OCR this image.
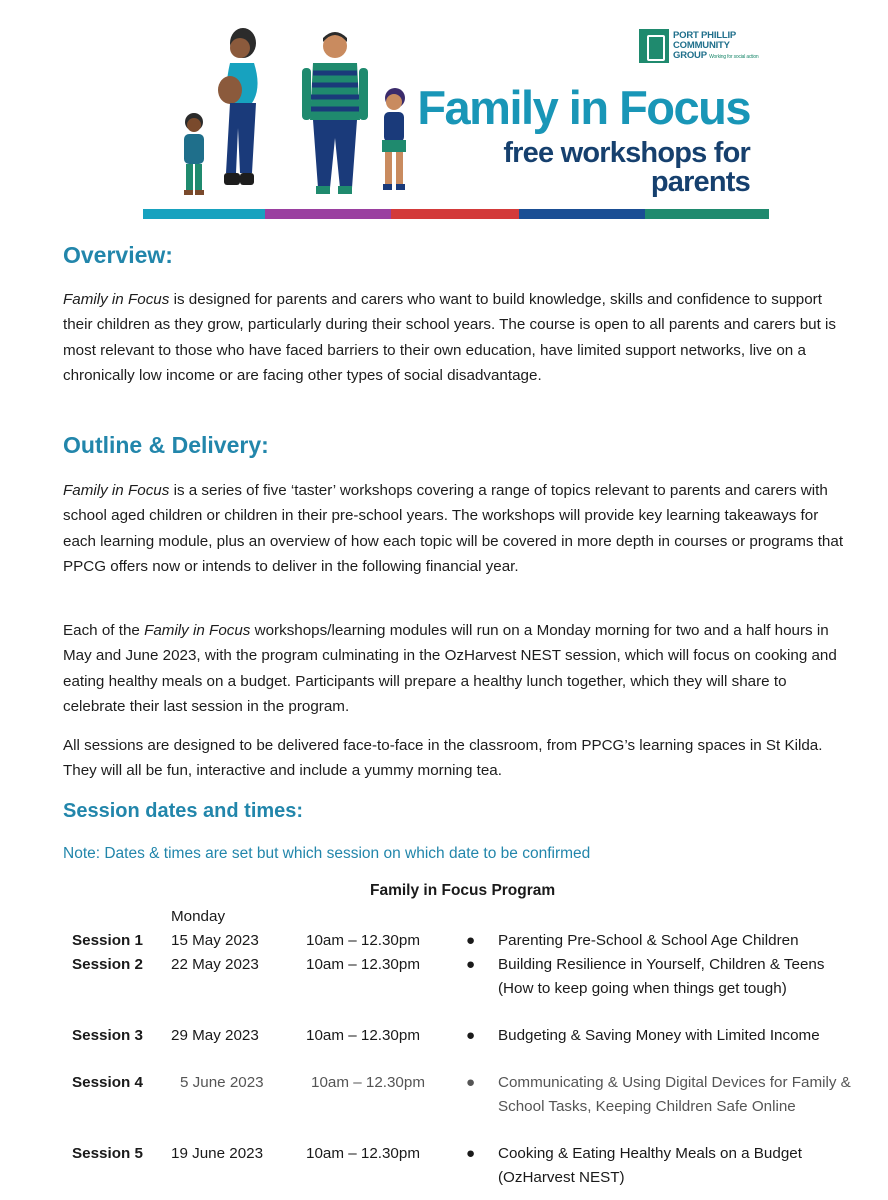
PORT PHILLIP
COMMUNITY
GROUP Working for social action
Family in Focus
free workshops for
parents
Overview:

Family in Focus is designed for parents and carers who want to build knowledge, skills and confidence to support their children as they grow, particularly during their school years. The course is open to all parents and carers but is most relevant to those who have faced barriers to their own education, have limited support networks, live on a chronically low income or are facing other types of social disadvantage.

Outline & Delivery:

Family in Focus is a series of five ‘taster’ workshops covering a range of topics relevant to parents and carers with school aged children or children in their pre-school years. The workshops will provide key learning takeaways for each learning module, plus an overview of how each topic will be covered in more depth in courses or programs that PPCG offers now or intends to deliver in the following financial year.

Each of the Family in Focus workshops/learning modules will run on a Monday morning for two and a half hours in May and June 2023, with the program culminating in the OzHarvest NEST session, which will focus on cooking and eating healthy meals on a budget. Participants will prepare a healthy lunch together, which they will share to celebrate their last session in the program.

All sessions are designed to be delivered face-to-face in the classroom, from PPCG’s learning spaces in St Kilda. They will all be fun, interactive and include a yummy morning tea.

Session dates and times:

Note: Dates & times are set but which session on which date to be confirmed

Family in Focus Program
Monday
Session 1 15 May 2023	10am – 12.30pm	● Parenting Pre-School & School Age Children
Session 2 22 May 2023	10am – 12.30pm	● Building Resilience in Yourself, Children & Teens (How to keep going when things get tough)
Session 3 29 May 2023	10am – 12.30pm	● Budgeting & Saving Money with Limited Income
Session 4 5 June 2023	10am – 12.30pm	● Communicating & Using Digital Devices for Family & School Tasks, Keeping Children Safe Online
Session 5 19 June 2023	10am – 12.30pm	● Cooking & Eating Healthy Meals on a Budget (OzHarvest NEST)
